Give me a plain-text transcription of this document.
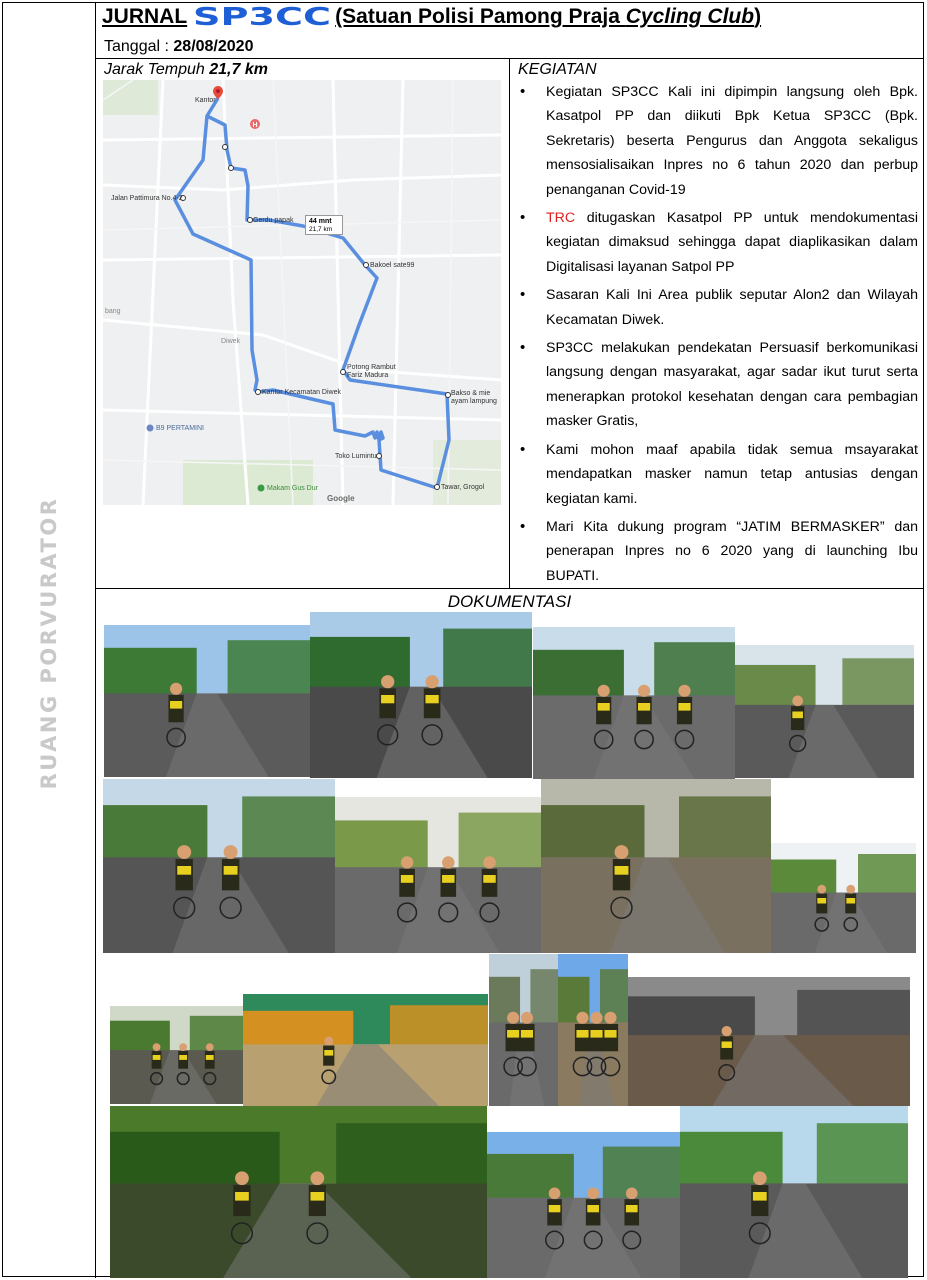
RUANG PORVURATOR
JURNAL SP3CC (Satuan Polisi Pamong Praja Cycling Club)
Tanggal : 28/08/2020
Jarak Tempuh 21,7 km
H
Kantor
Jalan Pattimura No.4-2
Gerdu papak
Bakoel sate99
Potong Rambut
Fariz Madura
Kantor Kecamatan Diwek	Bakso & mie
ayam lampung
Toko Lumintu
Tawar, Grogol
B9 PERTAMINI
Makam Gus Dur
Diwek
bang
44 mnt
21,7 km
Google
KEGIATAN
• Kegiatan SP3CC Kali ini dipimpin langsung oleh Bpk. Kasatpol PP dan diikuti Bpk Ketua SP3CC (Bpk. Sekretaris) beserta Pengurus dan Anggota sekaligus mensosialisaikan Inpres no 6 tahun 2020 dan perbup penanganan Covid-19
• TRC ditugaskan Kasatpol PP untuk mendokumentasi kegiatan dimaksud sehingga dapat diaplikasikan dalam Digitalisasi layanan Satpol PP
• Sasaran Kali Ini Area publik seputar Alon2 dan Wilayah Kecamatan Diwek.
• SP3CC melakukan pendekatan Persuasif berkomunikasi langsung dengan masyarakat, agar sadar ikut turut serta menerapkan protokol kesehatan dengan cara pembagian masker Gratis,
• Kami mohon maaf apabila tidak semua msayarakat mendapatkan masker namun tetap antusias dengan kegiatan kami.
• Mari Kita dukung program “JATIM BERMASKER” dan penerapan Inpres no 6 2020 yang di launching Ibu BUPATI.
DOKUMENTASI
